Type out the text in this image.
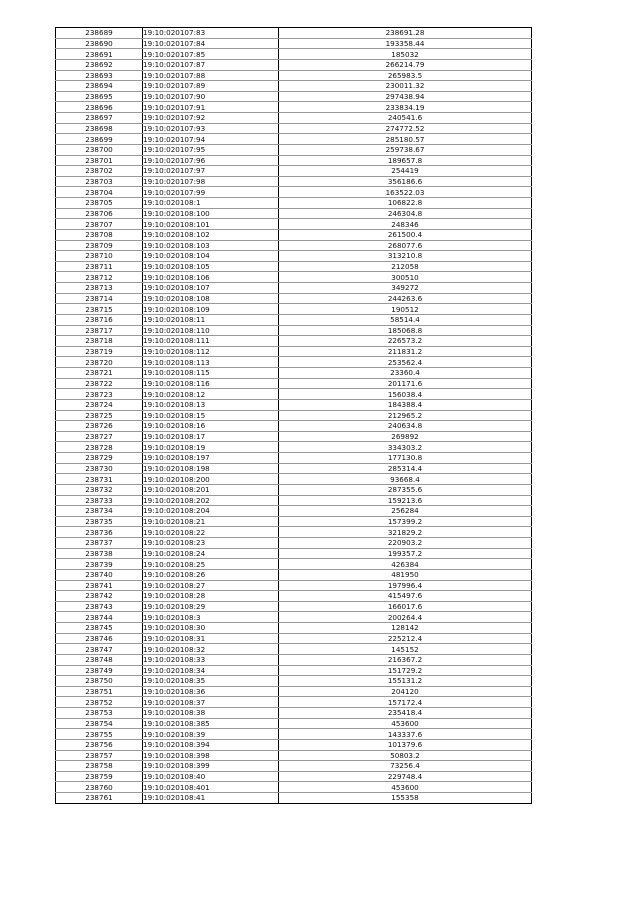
238689	19:10:020107:83	238691.28
238690	19:10:020107:84	193358.44
238691	19:10:020107:85	185032
238692	19:10:020107:87	266214.79
238693	19:10:020107:88	265983.5
238694	19:10:020107:89	230011.32
238695	19:10:020107:90	297438.94
238696	19:10:020107:91	233834.19
238697	19:10:020107:92	240541.6
238698	19:10:020107:93	274772.52
238699	19:10:020107:94	285180.57
238700	19:10:020107:95	259738.67
238701	19:10:020107:96	189657.8
238702	19:10:020107:97	254419
238703	19:10:020107:98	356186.6
238704	19:10:020107:99	163522.03
238705	19:10:020108:1	106822.8
238706	19:10:020108:100	246304.8
238707	19:10:020108:101	248346
238708	19:10:020108:102	261500.4
238709	19:10:020108:103	268077.6
238710	19:10:020108:104	313210.8
238711	19:10:020108:105	212058
238712	19:10:020108:106	300510
238713	19:10:020108:107	349272
238714	19:10:020108:108	244263.6
238715	19:10:020108:109	190512
238716	19:10:020108:11	58514.4
238717	19:10:020108:110	185068.8
238718	19:10:020108:111	226573.2
238719	19:10:020108:112	211831.2
238720	19:10:020108:113	253562.4
238721	19:10:020108:115	23360.4
238722	19:10:020108:116	201171.6
238723	19:10:020108:12	156038.4
238724	19:10:020108:13	184388.4
238725	19:10:020108:15	212965.2
238726	19:10:020108:16	240634.8
238727	19:10:020108:17	269892
238728	19:10:020108:19	334303.2
238729	19:10:020108:197	177130.8
238730	19:10:020108:198	285314.4
238731	19:10:020108:200	93668.4
238732	19:10:020108:201	287355.6
238733	19:10:020108:202	159213.6
238734	19:10:020108:204	256284
238735	19:10:020108:21	157399.2
238736	19:10:020108:22	321829.2
238737	19:10:020108:23	220903.2
238738	19:10:020108:24	199357.2
238739	19:10:020108:25	426384
238740	19:10:020108:26	481950
238741	19:10:020108:27	197996.4
238742	19:10:020108:28	415497.6
238743	19:10:020108:29	166017.6
238744	19:10:020108:3	200264.4
238745	19:10:020108:30	128142
238746	19:10:020108:31	225212.4
238747	19:10:020108:32	145152
238748	19:10:020108:33	216367.2
238749	19:10:020108:34	151729.2
238750	19:10:020108:35	155131.2
238751	19:10:020108:36	204120
238752	19:10:020108:37	157172.4
238753	19:10:020108:38	235418.4
238754	19:10:020108:385	453600
238755	19:10:020108:39	143337.6
238756	19:10:020108:394	101379.6
238757	19:10:020108:398	50803.2
238758	19:10:020108:399	73256.4
238759	19:10:020108:40	229748.4
238760	19:10:020108:401	453600
238761	19:10:020108:41	155358
